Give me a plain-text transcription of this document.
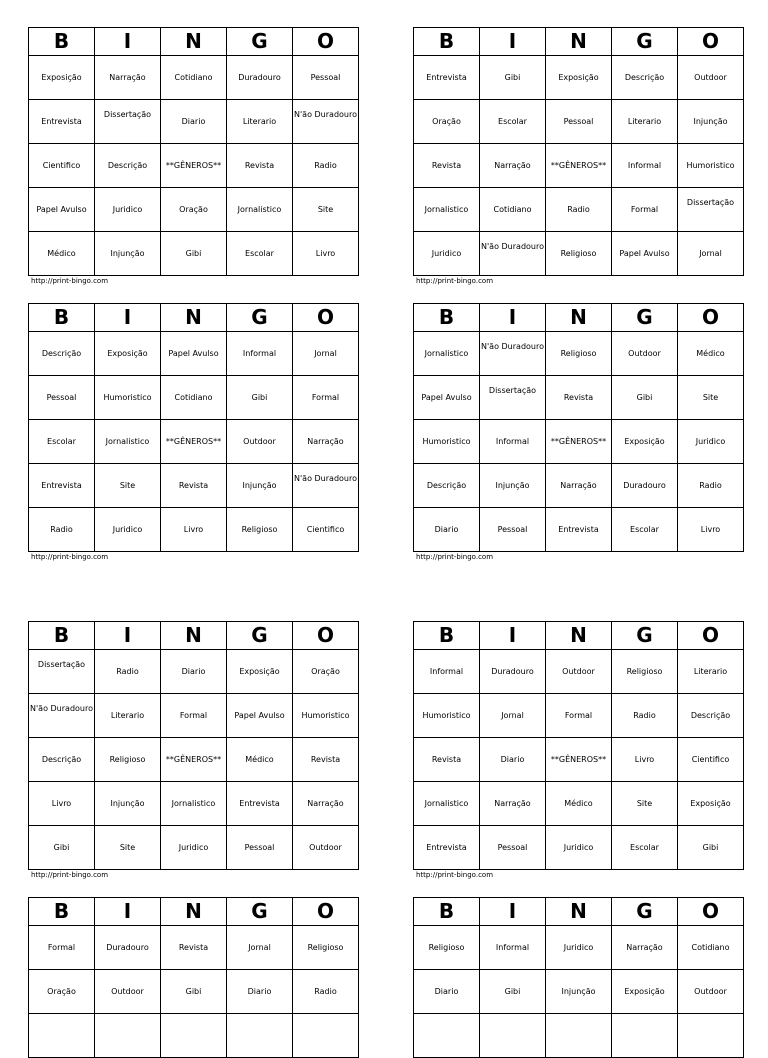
B	I	N	G	O
Exposição	Narração	Cotidiano	Duradouro	Pessoal
Entrevista	Dissertação	Diario	Literario	N'ão Duradouro
Cientifico	Descrição	**GÊNEROS**	Revista	Radio
Papel Avulso	Juridico	Oração	Jornalistico	Site
Médico	Injunção	Gibi	Escolar	Livro
http://print-bingo.com
B	I	N	G	O
Entrevista	Gibi	Exposição	Descrição	Outdoor
Oração	Escolar	Pessoal	Literario	Injunção
Revista	Narração	**GÊNEROS**	Informal	Humoristico
Jornalistico	Cotidiano	Radio	Formal	Dissertação
Juridico	N'ão Duradouro	Religioso	Papel Avulso	Jornal
http://print-bingo.com
B	I	N	G	O
Descrição	Exposição	Papel Avulso	Informal	Jornal
Pessoal	Humoristico	Cotidiano	Gibi	Formal
Escolar	Jornalistico	**GÊNEROS**	Outdoor	Narração
Entrevista	Site	Revista	Injunção	N'ão Duradouro
Radio	Juridico	Livro	Religioso	Cientifico
http://print-bingo.com
B	I	N	G	O
Jornalistico	N'ão Duradouro	Religioso	Outdoor	Médico
Papel Avulso	Dissertação	Revista	Gibi	Site
Humoristico	Informal	**GÊNEROS**	Exposição	Juridico
Descrição	Injunção	Narração	Duradouro	Radio
Diario	Pessoal	Entrevista	Escolar	Livro
http://print-bingo.com
B	I	N	G	O
Dissertação	Radio	Diario	Exposição	Oração
N'ão Duradouro	Literario	Formal	Papel Avulso	Humoristico
Descrição	Religioso	**GÊNEROS**	Médico	Revista
Livro	Injunção	Jornalistico	Entrevista	Narração
Gibi	Site	Juridico	Pessoal	Outdoor
http://print-bingo.com
B	I	N	G	O
Informal	Duradouro	Outdoor	Religioso	Literario
Humoristico	Jornal	Formal	Radio	Descrição
Revista	Diario	**GÊNEROS**	Livro	Cientifico
Jornalistico	Narração	Médico	Site	Exposição
Entrevista	Pessoal	Juridico	Escolar	Gibi
http://print-bingo.com
B	I	N	G	O
Formal	Duradouro	Revista	Jornal	Religioso
Oração	Outdoor	Gibi	Diario	Radio

B	I	N	G	O
Religioso	Informal	Juridico	Narração	Cotidiano
Diario	Gibi	Injunção	Exposição	Outdoor
